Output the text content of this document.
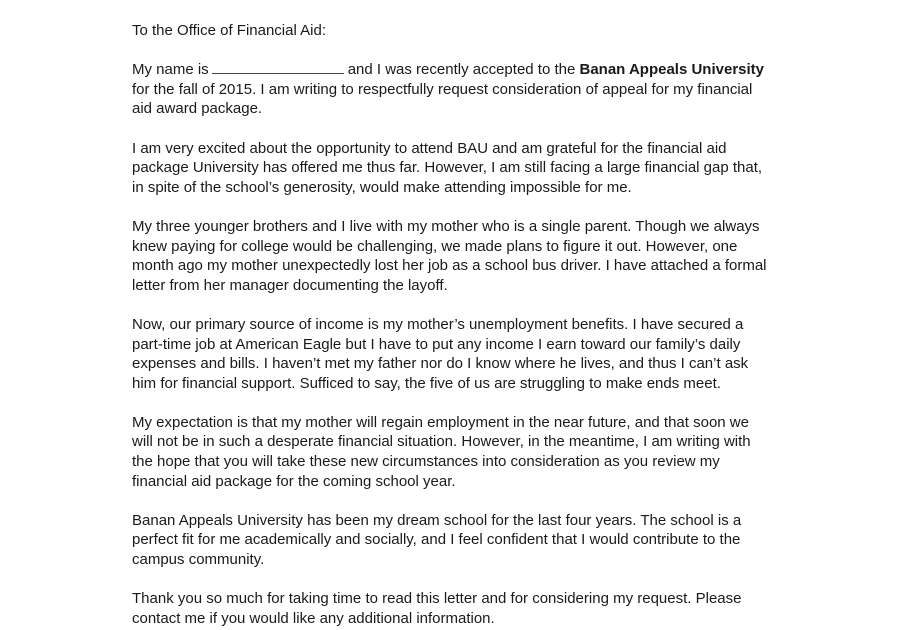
To the Office of Financial Aid:

My name is	and I was recently accepted to the Banan Appeals University for the fall of 2015. I am writing to respectfully request consideration of appeal for my financial aid award package.

I am very excited about the opportunity to attend BAU and am grateful for the financial aid package University has offered me thus far. However, I am still facing a large financial gap that, in spite of the school’s generosity, would make attending impossible for me.

My three younger brothers and I live with my mother who is a single parent. Though we always knew paying for college would be challenging, we made plans to figure it out. However, one month ago my mother unexpectedly lost her job as a school bus driver. I have attached a formal letter from her manager documenting the layoff.

Now, our primary source of income is my mother’s unemployment benefits. I have secured a part-time job at American Eagle but I have to put any income I earn toward our family’s daily expenses and bills. I haven’t met my father nor do I know where he lives, and thus I can’t ask him for financial support. Sufficed to say, the five of us are struggling to make ends meet.

My expectation is that my mother will regain employment in the near future, and that soon we will not be in such a desperate financial situation. However, in the meantime, I am writing with the hope that you will take these new circumstances into consideration as you review my financial aid package for the coming school year.

Banan Appeals University has been my dream school for the last four years. The school is a perfect fit for me academically and socially, and I feel confident that I would contribute to the campus community.

Thank you so much for taking time to read this letter and for considering my request. Please contact me if you would like any additional information.
